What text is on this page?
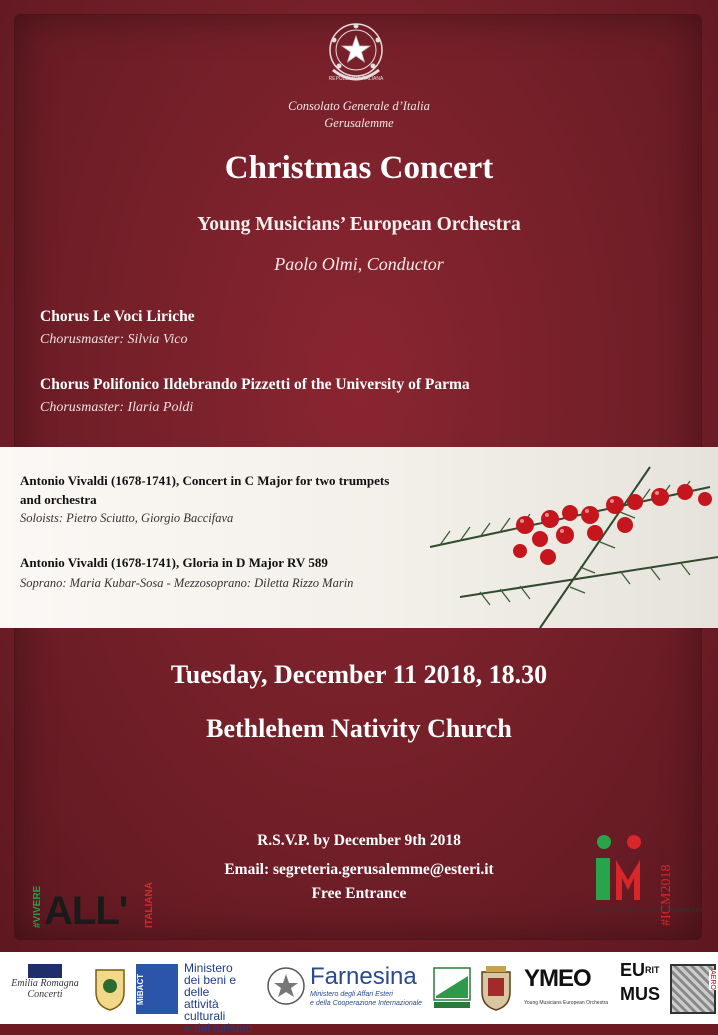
REPUBBLICA ITALIANA
Consolato Generale d’Italia
Gerusalemme
Christmas Concert
Young Musicians’ European Orchestra
Paolo Olmi, Conductor
Chorus Le Voci Liriche
Chorusmaster: Silvia Vico
Chorus Polifonico Ildebrando Pizzetti of the University of Parma
Chorusmaster: Ilaria Poldi
Tuesday, December 11 2018, 18.30
Bethlehem Nativity Church
R.S.V.P. by December 9th 2018
Email: segreteria.gerusalemme@esteri.it
Free Entrance
#VIVERE ALL' ITALIANA	ITALIAN CULTURE ON THE MEDITERRANEAN
#ICM2018
Antonio Vivaldi (1678-1741), Concert in C Major for two trumpets
and orchestra
Soloists: Pietro Sciutto, Giorgio Baccifava
Antonio Vivaldi (1678-1741), Gloria in D Major RV 589
Soprano: Maria Kubar-Sosa - Mezzosoprano: Diletta Rizzo Marin
Emilia Romagna
Concerti	MiBACT
Ministero
dei beni e delle
attività culturali
e del turismo
Farnesina
Ministero degli Affari Esteri
e della Cooperazione Internazionale
YMEO
Young Musicians European Orchestra
$EU^{RIT}$
MUS
AERO
